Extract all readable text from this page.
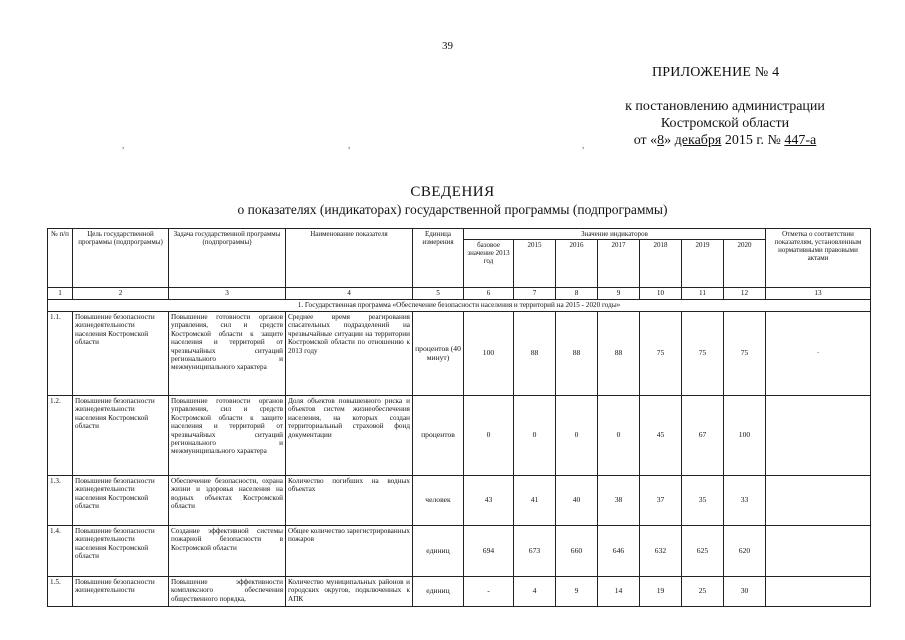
39
ПРИЛОЖЕНИЕ № 4
к постановлению администрации
Костромской области
от «8» декабря 2015 г. № 447-а
,	,	,
СВЕДЕНИЯ
о показателях (индикаторах) государственной программы (подпрограммы)
№ п/п	Цель государственной программы (подпрограммы)	Задача государственной программы (подпрограммы)	Наименование показателя	Единица измерения	Значение индикаторов							Отметка о соответствии показателям, установленным нормативными правовыми актами
					базовое значение 2013 год	2015	2016	2017	2018	2019	2020	
1	2	3	4	5	6	7	8	9	10	11	12	13
1. Государственная программа «Обеспечение безопасности населения и территорий на 2015 - 2020 годы»												
1.1.	Повышение безопасности жизнедеятельности населения Костромской области	Повышение готовности органов управления, сил и средств Костромской области к защите населения и территорий от чрезвычайных ситуаций регионального и межмуниципального характера	Среднее время реагирования спасательных подразделений на чрезвычайные ситуации на территории Костромской области по отношению к 2013 году	процентов (40 минут)	100	88	88	88	75	75	75	·
1.2.	Повышение безопасности жизнедеятельности населения Костромской области	Повышение готовности органов управления, сил и средств Костромской области к защите населения и территорий от чрезвычайных ситуаций регионального и межмуниципального характера	Доля объектов повышенного риска и объектов систем жизнеобеспечения населения, на которых создан территориальный страховой фонд документации	процентов	0	0	0	0	45	67	100	
1.3.	Повышение безопасности жизнедеятельности населения Костромской области	Обеспечение безопасности, охрана жизни и здоровья населения на водных объектах Костромской области	Количество погибших на водных объектах	человек	43	41	40	38	37	35	33	
1.4.	Повышение безопасности жизнедеятельности населения Костромской области	Создание эффективной системы пожарной безопасности в Костромской области	Общее количество зарегистрированных пожаров	единиц	694	673	660	646	632	625	620	
1.5.	Повышение безопасности жизнедеятельности	Повышение эффективности комплексного обеспечения общественного порядка,	Количество муниципальных районов и городских округов, подключенных к АПК	единиц	-	4	9	14	19	25	30	
